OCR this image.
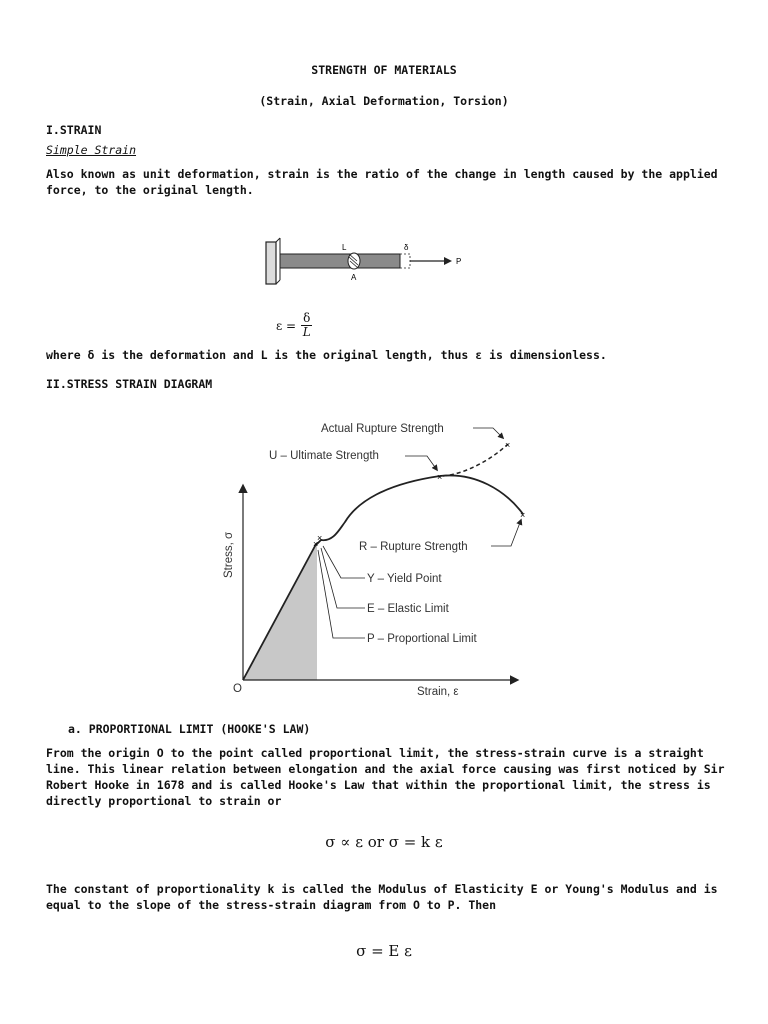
STRENGTH OF MATERIALS
(Strain, Axial Deformation, Torsion)
I.STRAIN
Simple Strain
Also known as unit deformation, strain is the ratio of the change in length caused by the applied force, to the original length.
L	δ
A
P
$\varepsilon = \frac{\delta}{L}$
where δ is the deformation and L is the original length, thus ε is dimensionless.
II.STRESS STRAIN DIAGRAM
×
×
×
×
×
Actual Rupture Strength
U – Ultimate Strength
R – Rupture Strength
Y – Yield Point
E – Elastic Limit
P – Proportional Limit
O	Strain, ε
Stress, σ
a. PROPORTIONAL LIMIT (HOOKE'S LAW)
From the origin O to the point called proportional limit, the stress-strain curve is a straight line. This linear relation between elongation and the axial force causing was first noticed by Sir Robert Hooke in 1678 and is called Hooke's Law that within the proportional limit, the stress is directly proportional to strain or
σ ∝ ε or σ = k ε
The constant of proportionality k is called the Modulus of Elasticity E or Young's Modulus and is equal to the slope of the stress-strain diagram from O to P. Then
σ = E ε
